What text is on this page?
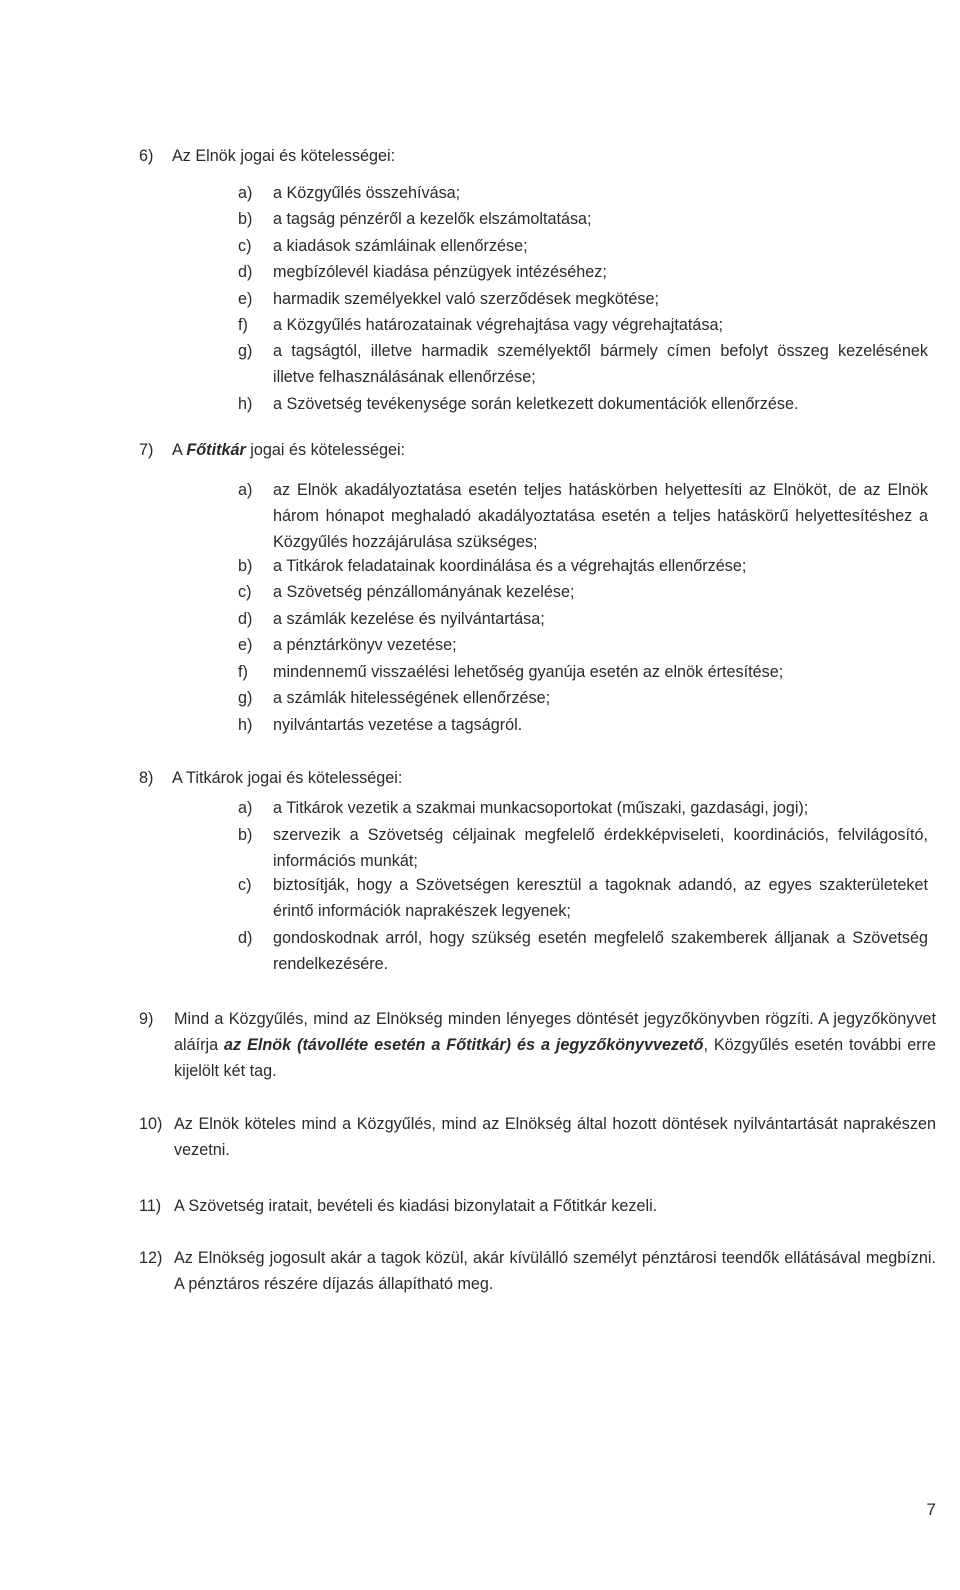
6) Az Elnök jogai és kötelességei:
a) a Közgyűlés összehívása;
b) a tagság pénzéről a kezelők elszámoltatása;
c) a kiadások számláinak ellenőrzése;
d) megbízólevél kiadása pénzügyek intézéséhez;
e) harmadik személyekkel való szerződések megkötése;
f) a Közgyűlés határozatainak végrehajtása vagy végrehajtatása;
g) a tagságtól, illetve harmadik személyektől bármely címen befolyt összeg kezelésének illetve felhasználásának ellenőrzése;
h) a Szövetség tevékenysége során keletkezett dokumentációk ellenőrzése.
7) A Főtitkár jogai és kötelességei:
a) az Elnök akadályoztatása esetén teljes hatáskörben helyettesíti az Elnököt, de az Elnök három hónapot meghaladó akadályoztatása esetén a teljes hatáskörű helyettesítéshez a Közgyűlés hozzájárulása szükséges;
b) a Titkárok feladatainak koordinálása és a végrehajtás ellenőrzése;
c) a Szövetség pénzállományának kezelése;
d) a számlák kezelése és nyilvántartása;
e) a pénztárkönyv vezetése;
f) mindennemű visszaélési lehetőség gyanúja esetén az elnök értesítése;
g) a számlák hitelességének ellenőrzése;
h) nyilvántartás vezetése a tagságról.
8) A Titkárok jogai és kötelességei:
a) a Titkárok vezetik a szakmai munkacsoportokat (műszaki, gazdasági, jogi);
b) szervezik a Szövetség céljainak megfelelő érdekképviseleti, koordinációs, felvilágosító, információs munkát;
c) biztosítják, hogy a Szövetségen keresztül a tagoknak adandó, az egyes szakterületeket érintő információk naprakészek legyenek;
d) gondoskodnak arról, hogy szükség esetén megfelelő szakemberek álljanak a Szövetség rendelkezésére.
9) Mind a Közgyűlés, mind az Elnökség minden lényeges döntését jegyzőkönyvben rögzíti. A jegyzőkönyvet aláírja az Elnök (távollétе esetén a Főtitkár) és a jegyzőkönyvvezető, Közgyűlés esetén további erre kijelölt két tag.
10) Az Elnök köteles mind a Közgyűlés, mind az Elnökség által hozott döntések nyilvántartását naprakészen vezetni.
11) A Szövetség iratait, bevételi és kiadási bizonylatait a Főtitkár kezeli.
12) Az Elnökség jogosult akár a tagok közül, akár kívülálló személyt pénztárosi teendők ellátásával megbízni. A pénztáros részére díjazás állapítható meg.
7
